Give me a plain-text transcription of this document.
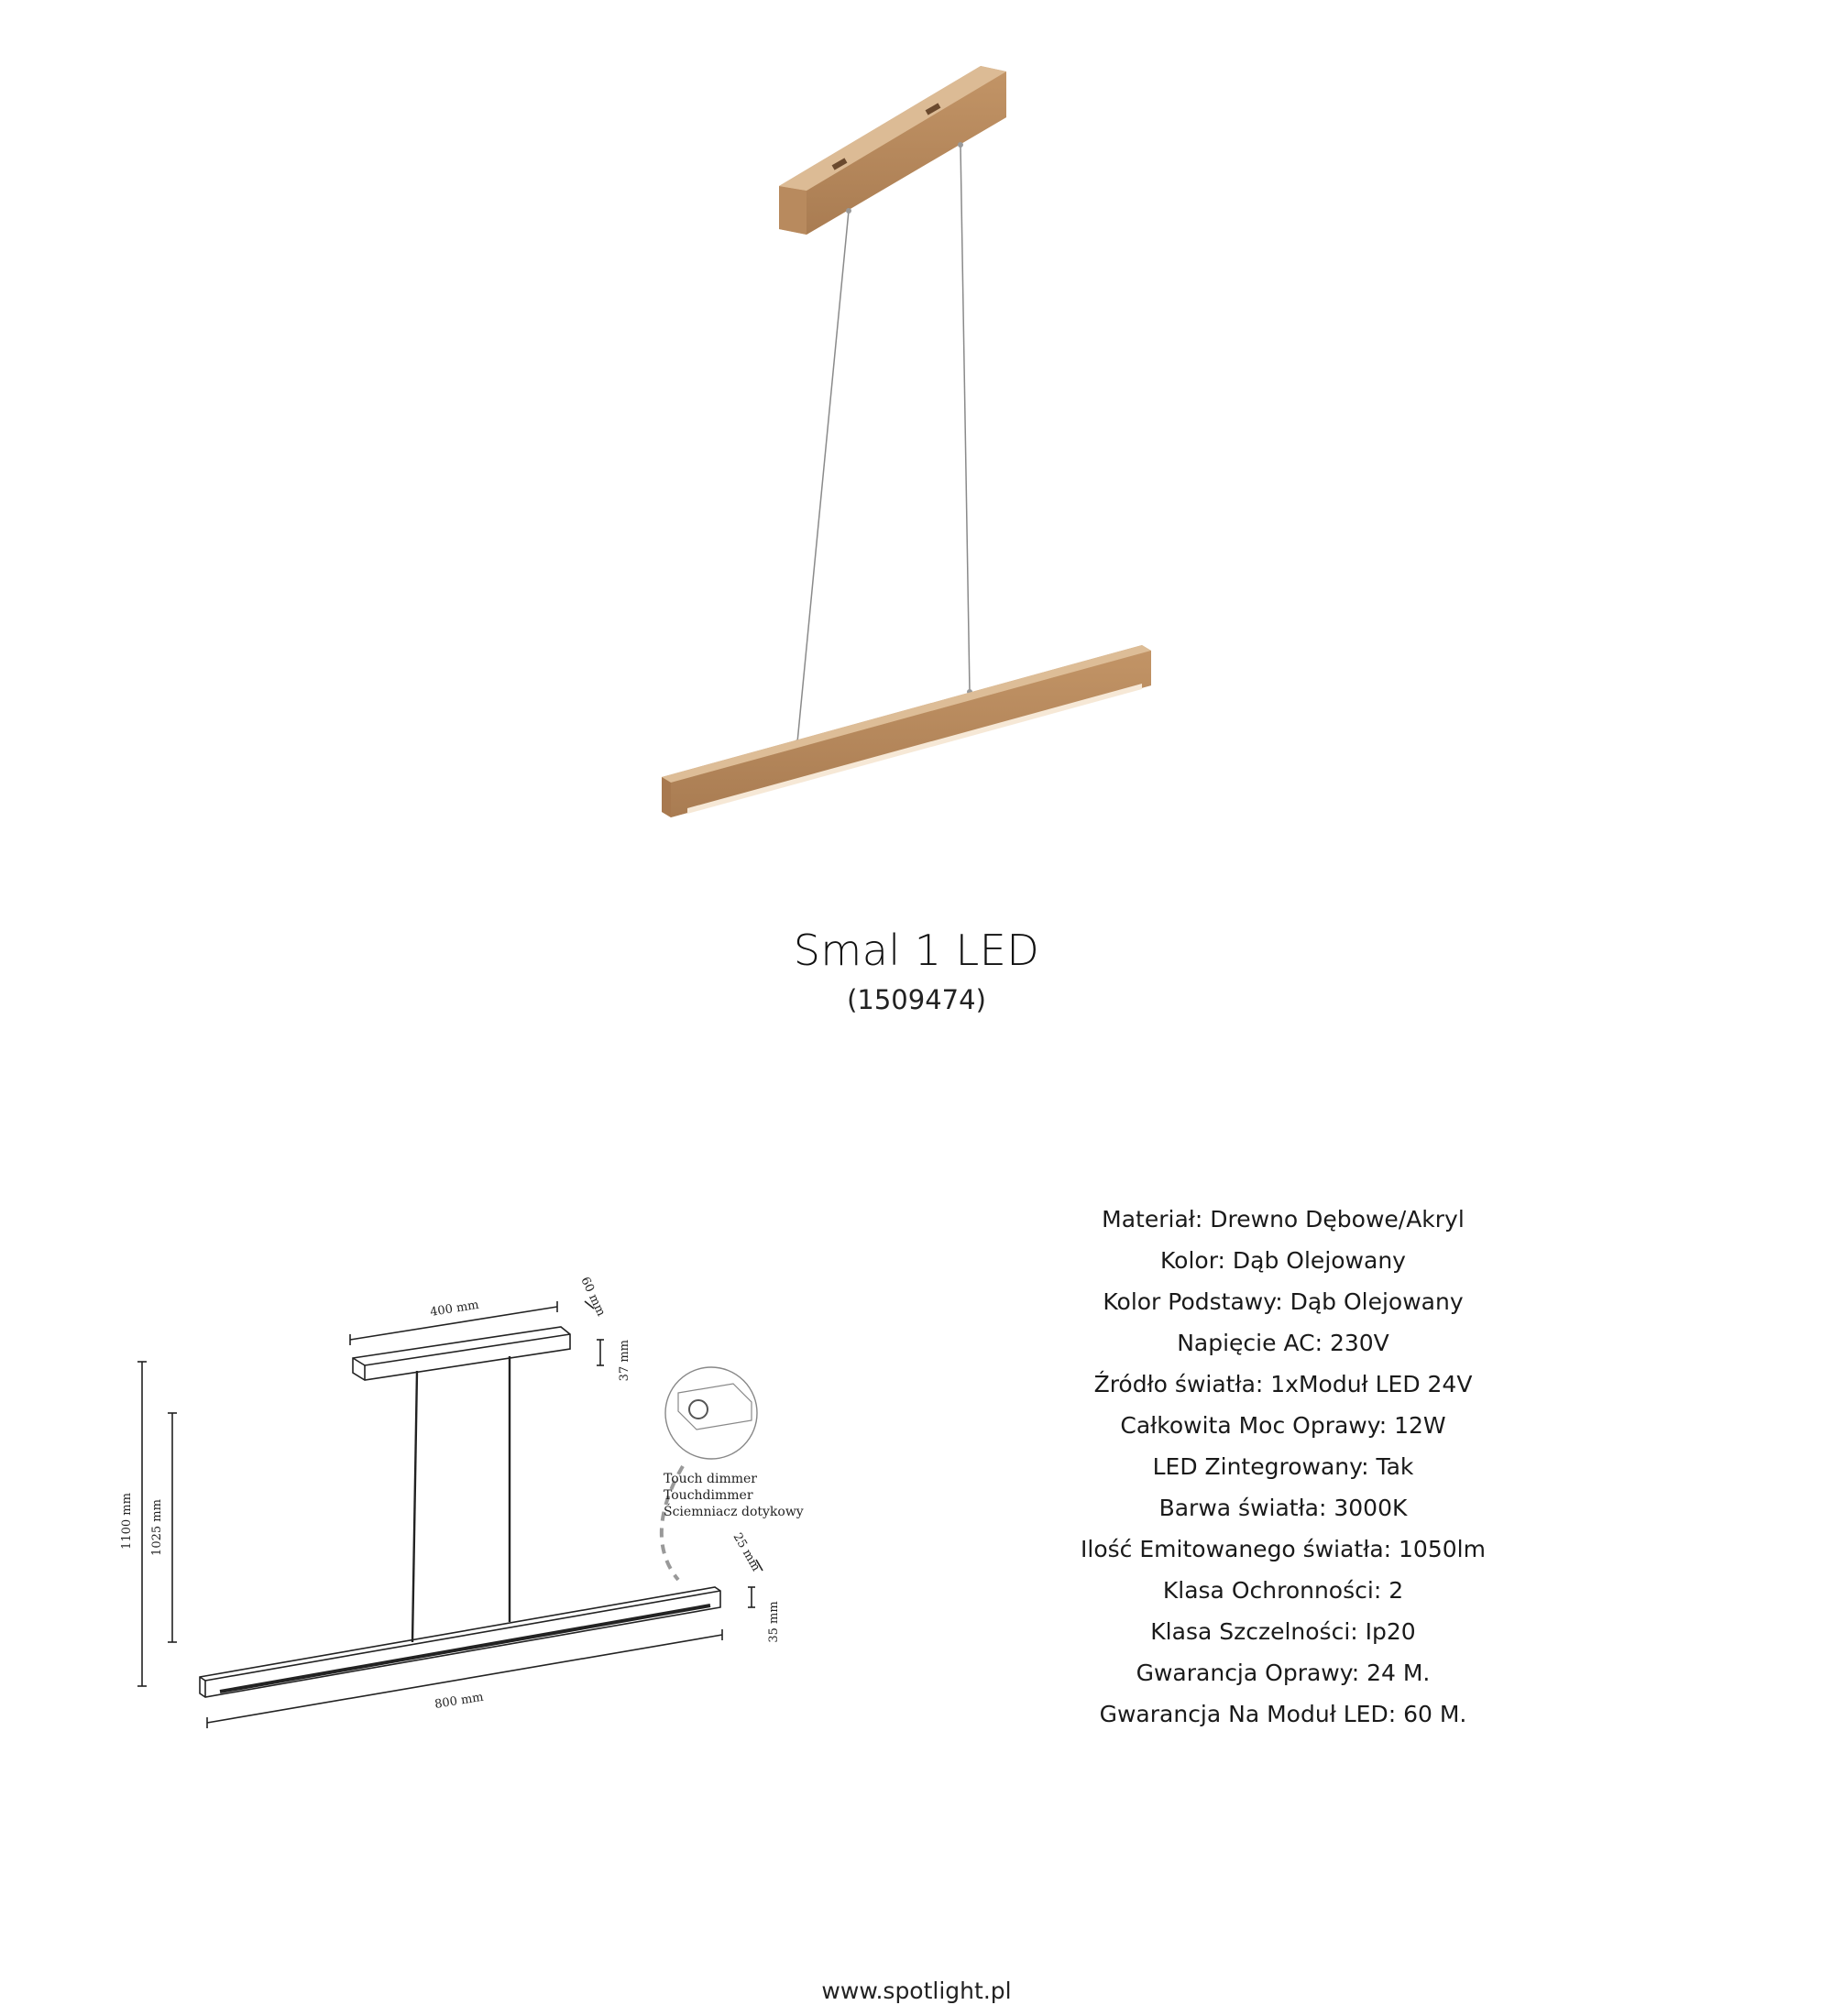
Smal 1 LED
(1509474)
400 mm	60 mm
37 mm
1100 mm 1025 mm
Touch dimmer
Touchdimmer
Ściemniacz dotykowy
25 mm
35 mm
800 mm
Materiał: Drewno Dębowe/Akryl
Kolor: Dąb Olejowany
Kolor Podstawy: Dąb Olejowany
Napięcie AC: 230V
Źródło światła: 1xModuł LED 24V
Całkowita Moc Oprawy: 12W
LED Zintegrowany: Tak
Barwa światła: 3000K
Ilość Emitowanego światła: 1050lm
Klasa Ochronności: 2
Klasa Szczelności: Ip20
Gwarancja Oprawy: 24 M.
Gwarancja Na Moduł LED: 60 M.
www.spotlight.pl
